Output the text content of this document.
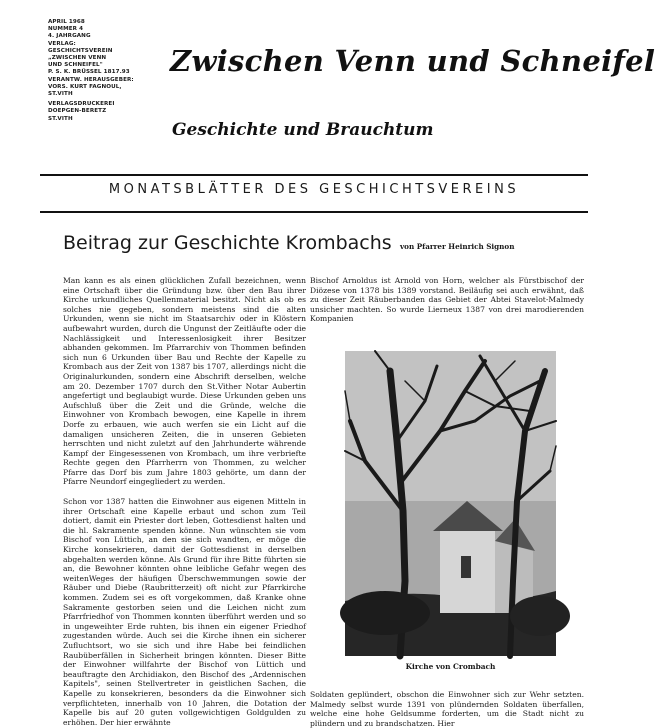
APRIL 1968
NUMMER 4
4. JAHRGANG
VERLAG:
GESCHICHTSVEREIN
„ZWISCHEN VENN
UND SCHNEIFEL"
P. S. K. BRÜSSEL 1817.93
VERANTW. HERAUSGEBER:
VORS. KURT FAGNOUL,
ST.VITH
VERLAGSDRUCKEREI
DOEPGEN-BERETZ
ST.VITH
Zwischen Venn und Schneifel
Geschichte und Brauchtum
MONATSBLÄTTER DES GESCHICHTSVEREINS
Beitrag zur Geschichte Krombachs von Pfarrer Heinrich Signon

Man kann es als einen glücklichen Zufall bezeichnen, wenn eine Ortschaft über die Gründung bzw. über den Bau ihrer Kirche urkundliches Quellenmaterial besitzt. Nicht als ob es solches nie gegeben, sondern meistens sind die alten Urkunden, wenn sie nicht im Staatsarchiv oder in Klöstern aufbewahrt wurden, durch die Ungunst der Zeitläufte oder die Nachlässigkeit und Interessenlosigkeit ihrer Besitzer abhanden gekommen. Im Pfarrarchiv von Thommen befinden sich nun 6 Urkunden über Bau und Rechte der Kapelle zu Krombach aus der Zeit von 1387 bis 1707, allerdings nicht die Originalurkunden, sondern eine Abschrift derselben, welche am 20. Dezember 1707 durch den St.Vither Notar Aubertin angefertigt und beglaubigt wurde. Diese Urkunden geben uns Aufschluß über die Zeit und die Gründe, welche die Einwohner von Krombach bewogen, eine Kapelle in ihrem Dorfe zu erbauen, wie auch werfen sie ein Licht auf die damaligen unsicheren Zeiten, die in unseren Gebieten herrschten und nicht zuletzt auf den Jahrhunderte währende Kampf der Eingesessenen von Krombach, um ihre verbriefte Rechte gegen den Pfarrherrn von Thommen, zu welcher Pfarre das Dorf bis zum Jahre 1803 gehörte, um dann der Pfarre Neundorf eingegliedert zu werden.

Schon vor 1387 hatten die Einwohner aus eigenen Mitteln in ihrer Ortschaft eine Kapelle erbaut und schon zum Teil dotiert, damit ein Priester dort leben, Gottesdienst halten und die hl. Sakramente spenden könne. Nun wünschten sie vom Bischof von Lüttich, an den sie sich wandten, er möge die Kirche konsekrieren, damit der Gottesdienst in derselben abgehalten werden könne. Als Grund für ihre Bitte führten sie an, die Bewohner könnten ohne leibliche Gefahr wegen des weitenWeges der häufigen Überschwemmungen sowie der Räuber und Diebe (Raubritterzeit) oft nicht zur Pfarrkirche kommen. Zudem sei es oft vorgekommen, daß Kranke ohne Sakramente gestorben seien und die Leichen nicht zum Pfarrfriedhof von Thommen konnten überführt werden und so in ungeweihter Erde ruhten, bis ihnen ein eigener Friedhof zugestanden würde. Auch sei die Kirche ihnen ein sicherer Zufluchtsort, wo sie sich und ihre Habe bei feindlichen Raubüberfällen in Sicherheit bringen könnten. Dieser Bitte der Einwohner willfahrte der Bischof von Lüttich und beauftragte den Archidiakon, den Bischof des „Ardennischen Kapitels", seinen Stellvertreter in geistlichen Sachen, die Kapelle zu konsekrieren, besonders da die Einwohner sich verpflichteten, innerhalb von 10 Jahren, die Dotation der Kapelle bis auf 20 guten vollgewichtigen Goldgulden zu erhöhen. Der hier erwähnte

Bischof Arnoldus ist Arnold von Horn, welcher als Fürstbischof der Diözese von 1378 bis 1389 vorstand. Beiläufig sei auch erwähnt, daß zu dieser Zeit Räuberbanden das Gebiet der Abtei Stavelot-Malmedy unsicher machten. So wurde Lierneux 1387 von drei marodierenden Kompanien

Kirche von Crombach

Soldaten geplündert, obschon die Einwohner sich zur Wehr setzten. Malmedy selbst wurde 1391 von plündernden Soldaten überfallen, welche eine hohe Geldsumme forderten, um die Stadt nicht zu plündern und zu brandschatzen. Hier
